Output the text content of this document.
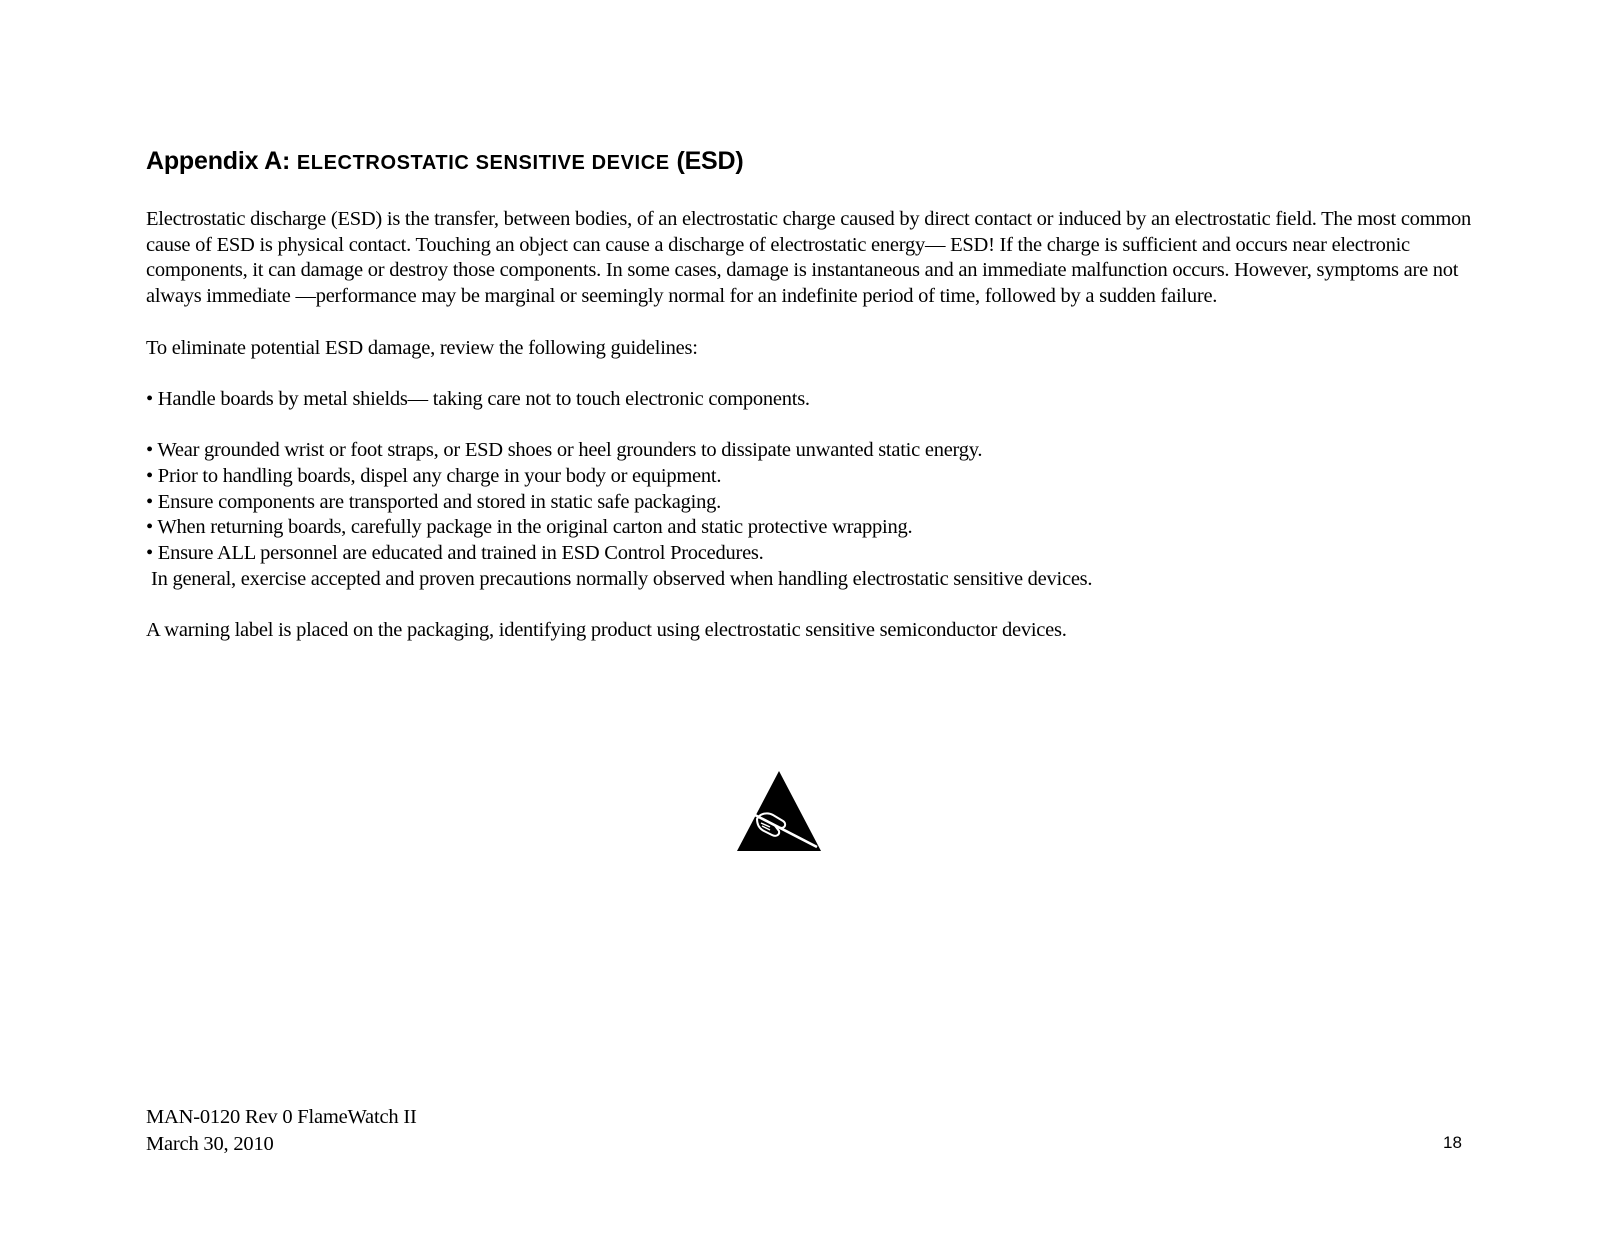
Appendix A: ELECTROSTATIC SENSITIVE DEVICE (ESD)

Electrostatic discharge (ESD) is the transfer, between bodies, of an electrostatic charge caused by direct contact or induced by an electrostatic field. The most common cause of ESD is physical contact. Touching an object can cause a discharge of electrostatic energy— ESD! If the charge is sufficient and occurs near electronic components, it can damage or destroy those components. In some cases, damage is instantaneous and an immediate malfunction occurs. However, symptoms are not always immediate —performance may be marginal or seemingly normal for an indefinite period of time, followed by a sudden failure.

To eliminate potential ESD damage, review the following guidelines:

• Handle boards by metal shields— taking care not to touch electronic components.
• Wear grounded wrist or foot straps, or ESD shoes or heel grounders to dissipate unwanted static energy.
• Prior to handling boards, dispel any charge in your body or equipment.
• Ensure components are transported and stored in static safe packaging.
• When returning boards, carefully package in the original carton and static protective wrapping.
• Ensure ALL personnel are educated and trained in ESD Control Procedures.

In general, exercise accepted and proven precautions normally observed when handling electrostatic sensitive devices.

A warning label is placed on the packaging, identifying product using electrostatic sensitive semiconductor devices.

MAN-0120 Rev 0 FlameWatch II
March 30, 2010	18
